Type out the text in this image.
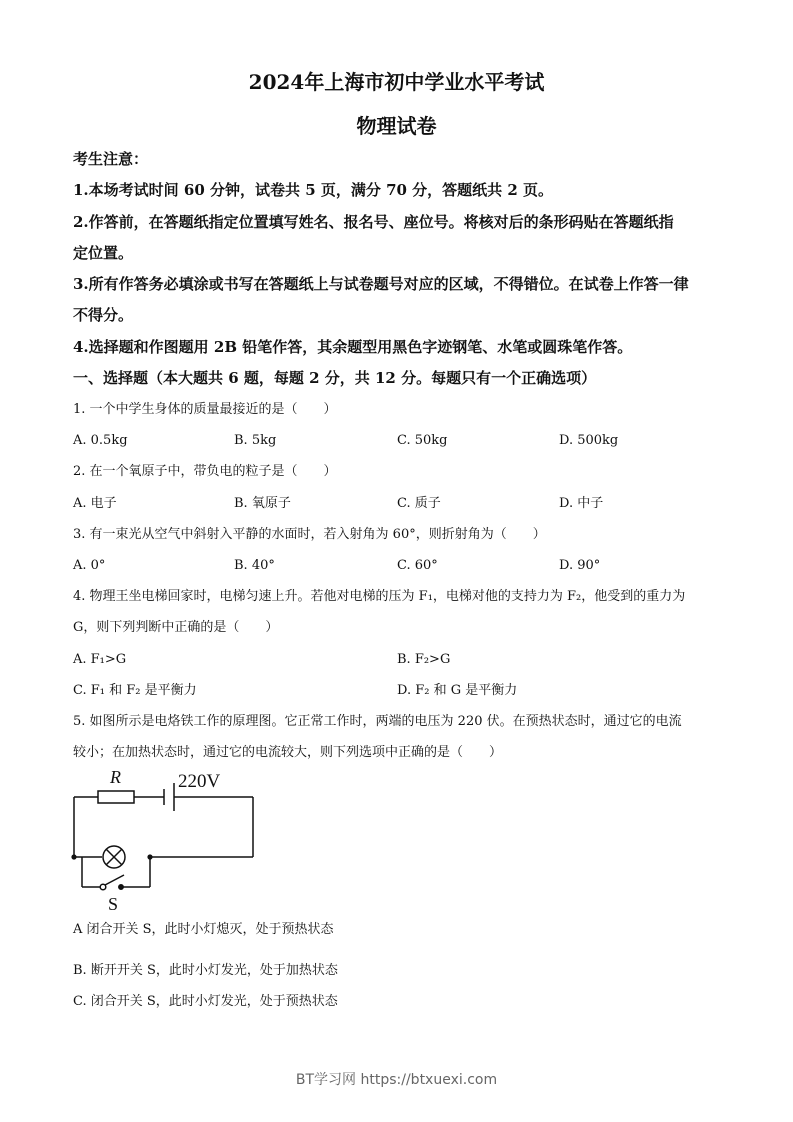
2024年上海市初中学业水平考试
物理试卷
考生注意：
1.本场考试时间 60 分钟，试卷共 5 页，满分 70 分，答题纸共 2 页。
2.作答前，在答题纸指定位置填写姓名、报名号、座位号。将核对后的条形码贴在答题纸指
定位置。
3.所有作答务必填涂或书写在答题纸上与试卷题号对应的区域，不得错位。在试卷上作答一律
不得分。
4.选择题和作图题用 2B 铅笔作答，其余题型用黑色字迹钢笔、水笔或圆珠笔作答。
一、选择题（本大题共 6 题，每题 2 分，共 12 分。每题只有一个正确选项）
1. 一个中学生身体的质量最接近的是（　　）
A. 0.5kg	B. 5kg	C. 50kg	D. 500kg
2. 在一个氧原子中，带负电的粒子是（　　）
A. 电子	B. 氧原子	C. 质子	D. 中子
3. 有一束光从空气中斜射入平静的水面时，若入射角为 60°，则折射角为（　　）
A. 0°	B. 40°	C. 60°	D. 90°
4. 物理王坐电梯回家时，电梯匀速上升。若他对电梯的压为 F₁，电梯对他的支持力为 F₂，他受到的重力为
G，则下列判断中正确的是（　　）
A. F₁>G	B. F₂>G
C. F₁ 和 F₂ 是平衡力	D. F₂ 和 G 是平衡力
5. 如图所示是电烙铁工作的原理图。它正常工作时，两端的电压为 220 伏。在预热状态时，通过它的电流
较小；在加热状态时，通过它的电流较大，则下列选项中正确的是（　　）
R	220V
S
A 闭合开关 S，此时小灯熄灭，处于预热状态
B. 断开开关 S，此时小灯发光，处于加热状态
C. 闭合开关 S，此时小灯发光，处于预热状态
BT学习网 https://btxuexi.com
